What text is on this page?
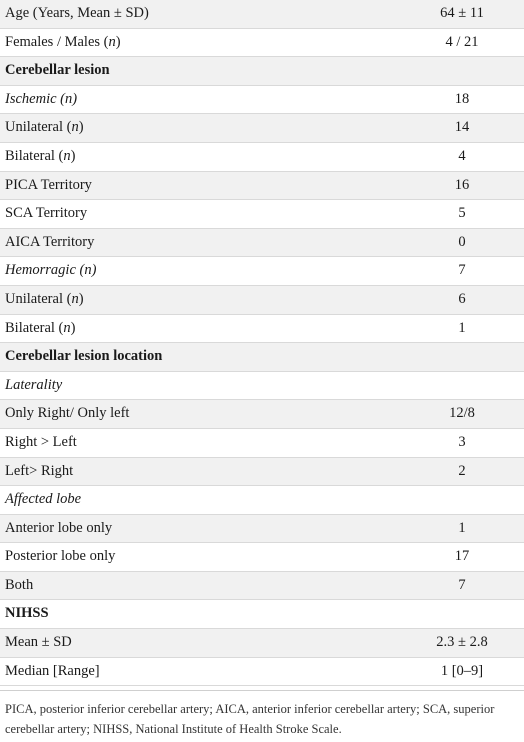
Age (Years, Mean ± SD)	64 ± 11
Females / Males (n)	4 / 21
Cerebellar lesion
Ischemic (n)	18
Unilateral (n)	14
Bilateral (n)	4
PICA Territory	16
SCA Territory	5
AICA Territory	0
Hemorragic (n)	7
Unilateral (n)	6
Bilateral (n)	1
Cerebellar lesion location
Laterality
Only Right/ Only left	12/8
Right > Left	3
Left> Right	2
Affected lobe
Anterior lobe only	1
Posterior lobe only	17
Both	7
NIHSS
Mean ± SD	2.3 ± 2.8
Median [Range]	1 [0–9]
PICA, posterior inferior cerebellar artery; AICA, anterior inferior cerebellar artery; SCA, superior cerebellar artery; NIHSS, National Institute of Health Stroke Scale.
